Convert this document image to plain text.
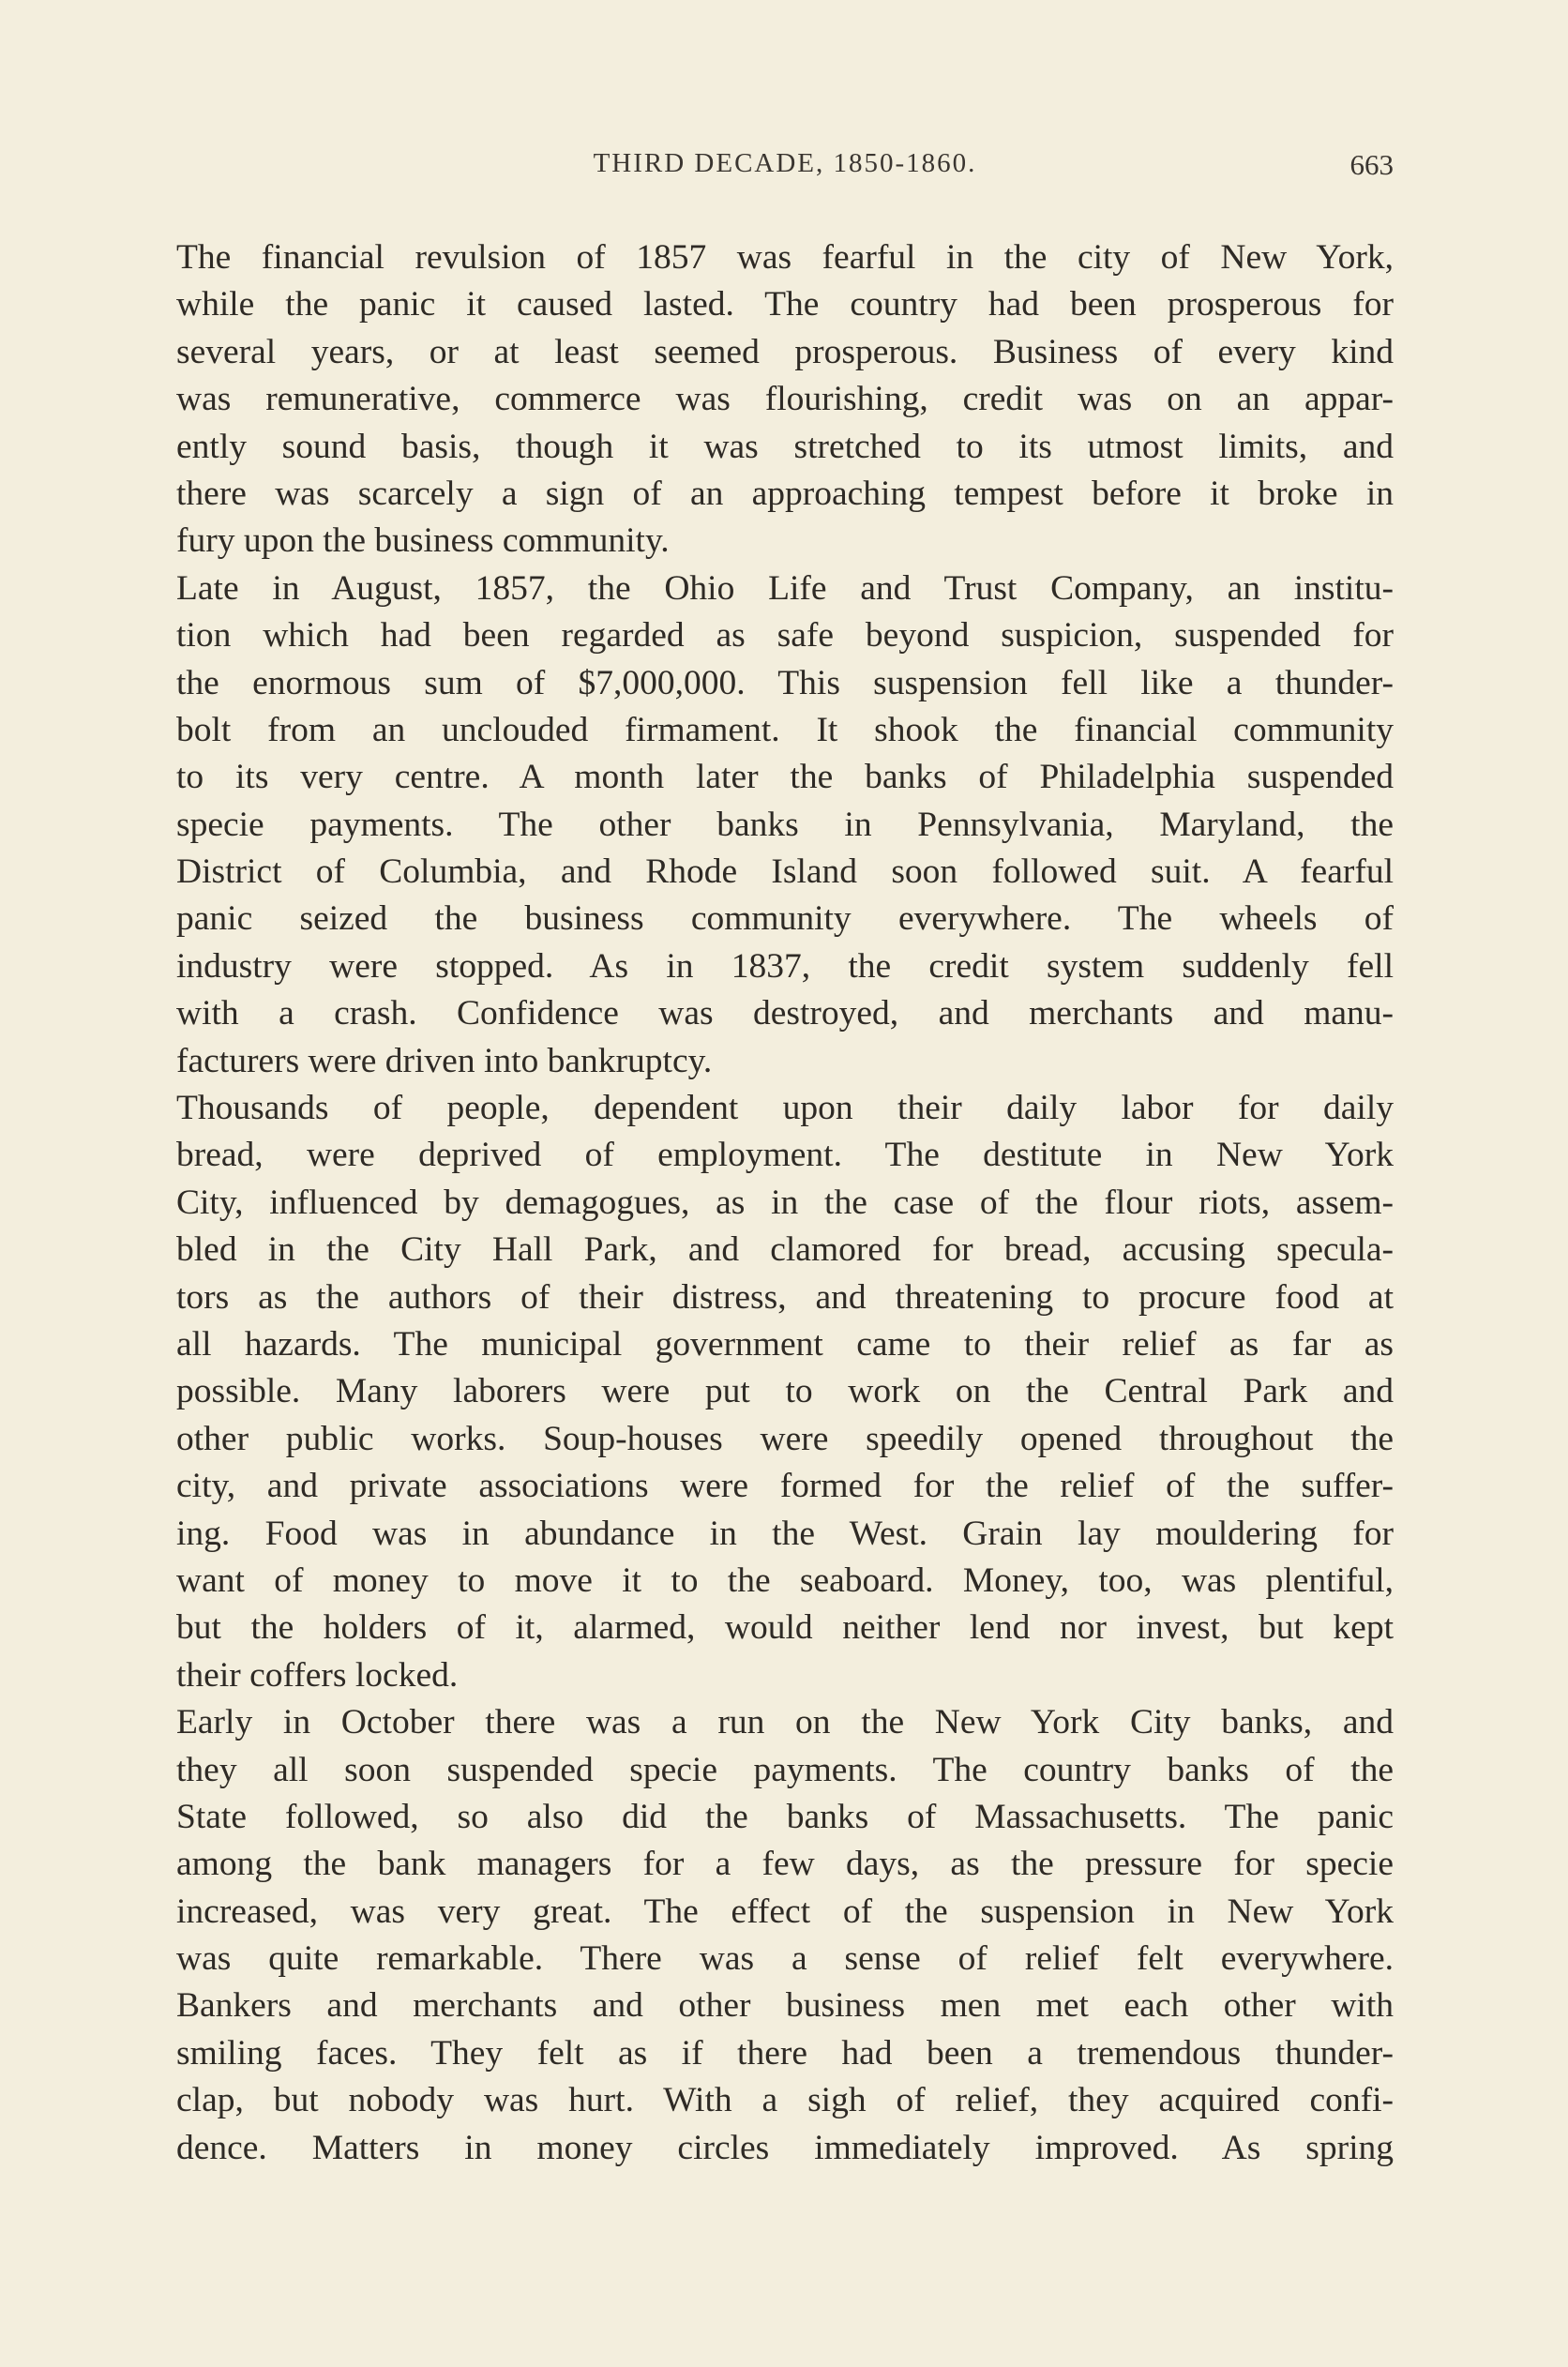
THIRD DECADE, 1850-1860.	663
The financial revulsion of 1857 was fearful in the city of New York,
while the panic it caused lasted. The country had been prosperous for
several years, or at least seemed prosperous. Business of every kind
was remunerative, commerce was flourishing, credit was on an appar-
ently sound basis, though it was stretched to its utmost limits, and
there was scarcely a sign of an approaching tempest before it broke in
fury upon the business community.
Late in August, 1857, the Ohio Life and Trust Company, an institu-
tion which had been regarded as safe beyond suspicion, suspended for
the enormous sum of $7,000,000. This suspension fell like a thunder-
bolt from an unclouded firmament. It shook the financial community
to its very centre. A month later the banks of Philadelphia suspended
specie payments. The other banks in Pennsylvania, Maryland, the
District of Columbia, and Rhode Island soon followed suit. A fearful
panic seized the business community everywhere. The wheels of
industry were stopped. As in 1837, the credit system suddenly fell
with a crash. Confidence was destroyed, and merchants and manu-
facturers were driven into bankruptcy.
Thousands of people, dependent upon their daily labor for daily
bread, were deprived of employment. The destitute in New York
City, influenced by demagogues, as in the case of the flour riots, assem-
bled in the City Hall Park, and clamored for bread, accusing specula-
tors as the authors of their distress, and threatening to procure food at
all hazards. The municipal government came to their relief as far as
possible. Many laborers were put to work on the Central Park and
other public works. Soup-houses were speedily opened throughout the
city, and private associations were formed for the relief of the suffer-
ing. Food was in abundance in the West. Grain lay mouldering for
want of money to move it to the seaboard. Money, too, was plentiful,
but the holders of it, alarmed, would neither lend nor invest, but kept
their coffers locked.
Early in October there was a run on the New York City banks, and
they all soon suspended specie payments. The country banks of the
State followed, so also did the banks of Massachusetts. The panic
among the bank managers for a few days, as the pressure for specie
increased, was very great. The effect of the suspension in New York
was quite remarkable. There was a sense of relief felt everywhere.
Bankers and merchants and other business men met each other with
smiling faces. They felt as if there had been a tremendous thunder-
clap, but nobody was hurt. With a sigh of relief, they acquired confi-
dence. Matters in money circles immediately improved. As spring
